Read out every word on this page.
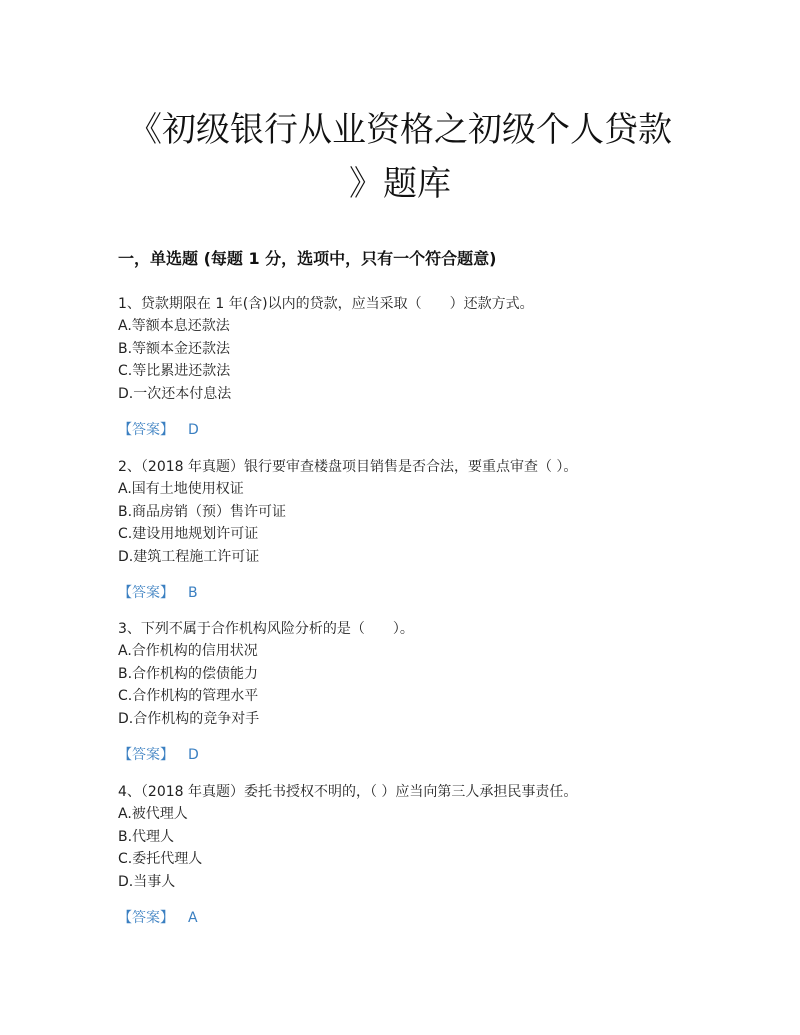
《初级银行从业资格之初级个人贷款
》题库
一，单选题 (每题 1 分，选项中，只有一个符合题意)
1、贷款期限在 1 年(含)以内的贷款，应当采取（　　）还款方式。
A.等额本息还款法
B.等额本金还款法
C.等比累进还款法
D.一次还本付息法
【答案】 D
2、（2018 年真题）银行要审查楼盘项目销售是否合法，要重点审查（ ）。
A.国有土地使用权证
B.商品房销（预）售许可证
C.建设用地规划许可证
D.建筑工程施工许可证
【答案】 B
3、下列不属于合作机构风险分析的是（　　）。
A.合作机构的信用状况
B.合作机构的偿债能力
C.合作机构的管理水平
D.合作机构的竞争对手
【答案】 D
4、（2018 年真题）委托书授权不明的，（ ）应当向第三人承担民事责任。
A.被代理人
B.代理人
C.委托代理人
D.当事人
【答案】 A
